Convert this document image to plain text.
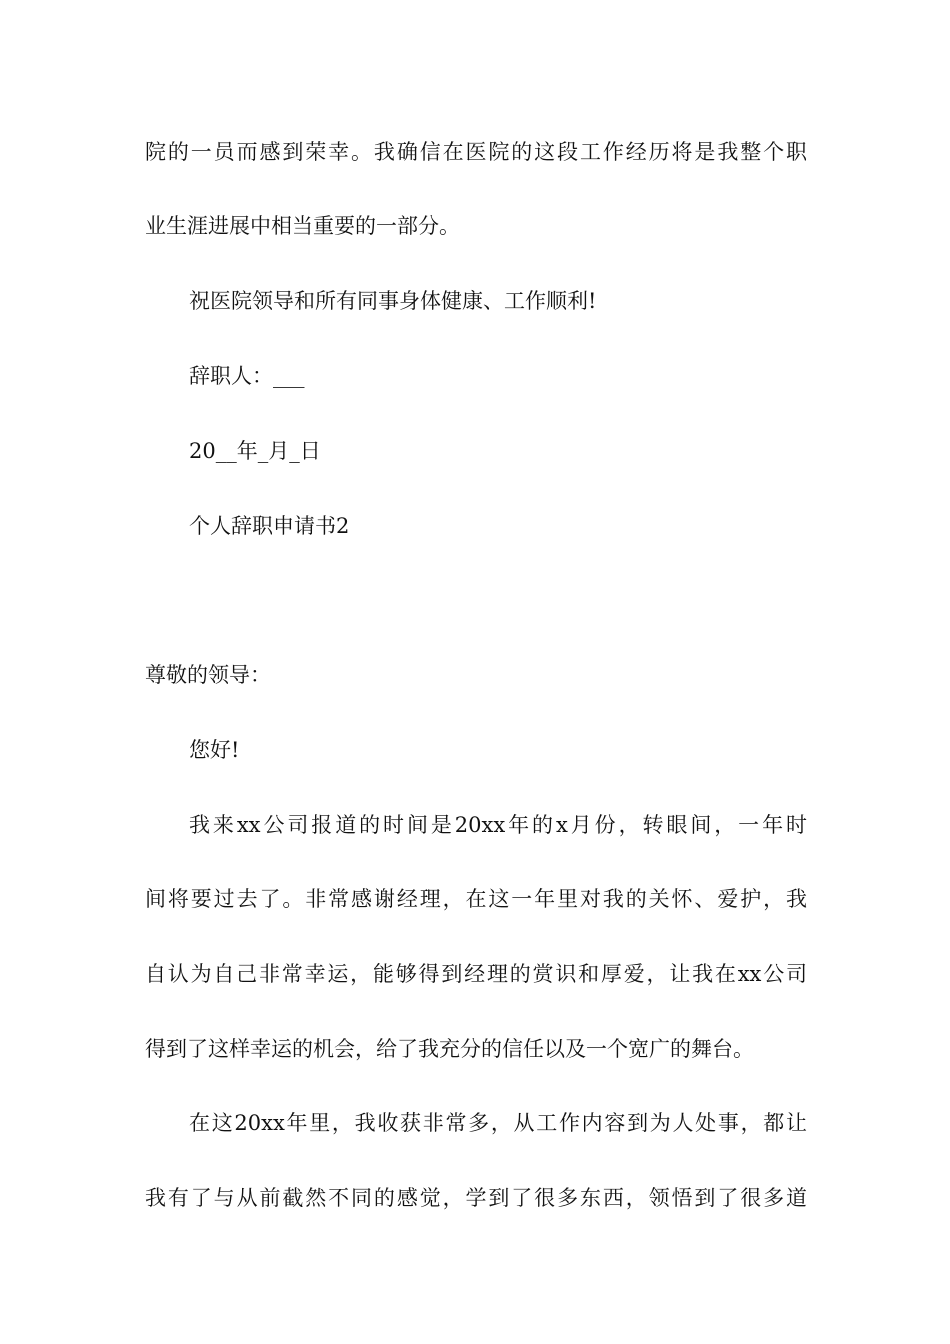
院的一员而感到荣幸。我确信在医院的这段工作经历将是我整个职
业生涯进展中相当重要的一部分。
祝医院领导和所有同事身体健康、工作顺利!
辞职人：___
20__年_月_日
个人辞职申请书2
尊敬的领导：
您好!
我来xx公司报道的时间是20xx年的x月份，转眼间，一年时
间将要过去了。非常感谢经理，在这一年里对我的关怀、爱护，我
自认为自己非常幸运，能够得到经理的赏识和厚爱，让我在xx公司
得到了这样幸运的机会，给了我充分的信任以及一个宽广的舞台。
在这20xx年里，我收获非常多，从工作内容到为人处事，都让
我有了与从前截然不同的感觉，学到了很多东西，领悟到了很多道
